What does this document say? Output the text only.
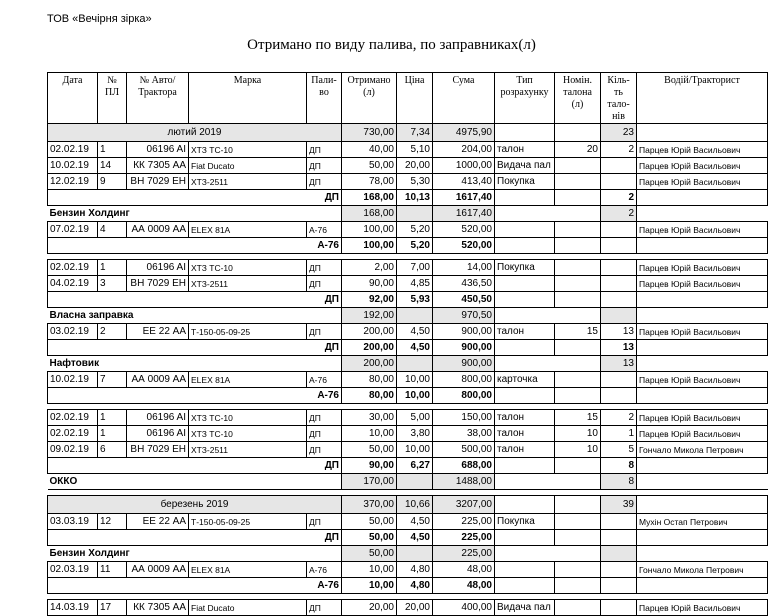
ТОВ «Вечірня зірка»
Отримано по виду палива, по заправниках(л)
Дата	№ ПЛ	№ Авто/ Трактора	Марка	Пали- во	Отримано (л)	Ціна	Сума	Тип розрахунку	Номін. талона (л)	Кіль-ть тало- нів	Водій/Тракторист
лютий 2019					730,00	7,34	4975,90			23	
02.02.19	1	06196 AI	ХТЗ ТС-10	ДП	40,00	5,10	204,00	талон	20	2	Парцев Юрій Васильович
10.02.19	14	КК 7305 АА	Fiat Ducato	ДП	50,00	20,00	1000,00	Видача пал			Парцев Юрій Васильович
12.02.19	9	ВН 7029 ЕН	ХТЗ-2511	ДП	78,00	5,30	413,40	Покупка			Парцев Юрій Васильович
ДП					168,00	10,13	1617,40			2	
Бензин Холдинг					168,00		1617,40			2	
07.02.19	4	АА 0009 АА	ELEX 81A	А-76	100,00	5,20	520,00				Парцев Юрій Васильович
А-76					100,00	5,20	520,00				

02.02.19	1	06196 AI	ХТЗ ТС-10	ДП	2,00	7,00	14,00	Покупка			Парцев Юрій Васильович
04.02.19	3	ВН 7029 ЕН	ХТЗ-2511	ДП	90,00	4,85	436,50				Парцев Юрій Васильович
ДП					92,00	5,93	450,50				
Власна заправка					192,00		970,50				
03.02.19	2	ЕЕ 22 АА	Т-150-05-09-25	ДП	200,00	4,50	900,00	талон	15	13	Парцев Юрій Васильович
ДП					200,00	4,50	900,00			13	
Нафтовик					200,00		900,00			13	
10.02.19	7	АА 0009 АА	ELEX 81A	А-76	80,00	10,00	800,00	карточка			Парцев Юрій Васильович
А-76					80,00	10,00	800,00				

02.02.19	1	06196 AI	ХТЗ ТС-10	ДП	30,00	5,00	150,00	талон	15	2	Парцев Юрій Васильович
02.02.19	1	06196 AI	ХТЗ ТС-10	ДП	10,00	3,80	38,00	талон	10	1	Парцев Юрій Васильович
09.02.19	6	ВН 7029 ЕН	ХТЗ-2511	ДП	50,00	10,00	500,00	талон	10	5	Гончало Микола Петрович
ДП					90,00	6,27	688,00			8	
ОККО					170,00		1488,00			8	

березень 2019					370,00	10,66	3207,00			39	
03.03.19	12	ЕЕ 22 АА	Т-150-05-09-25	ДП	50,00	4,50	225,00	Покупка			Мухін Остап Петрович
ДП					50,00	4,50	225,00				
Бензин Холдинг					50,00		225,00				
02.03.19	11	АА 0009 АА	ELEX 81A	А-76	10,00	4,80	48,00				Гончало Микола Петрович
А-76					10,00	4,80	48,00				

14.03.19	17	КК 7305 АА	Fiat Ducato	ДП	20,00	20,00	400,00	Видача пал			Парцев Юрій Васильович
